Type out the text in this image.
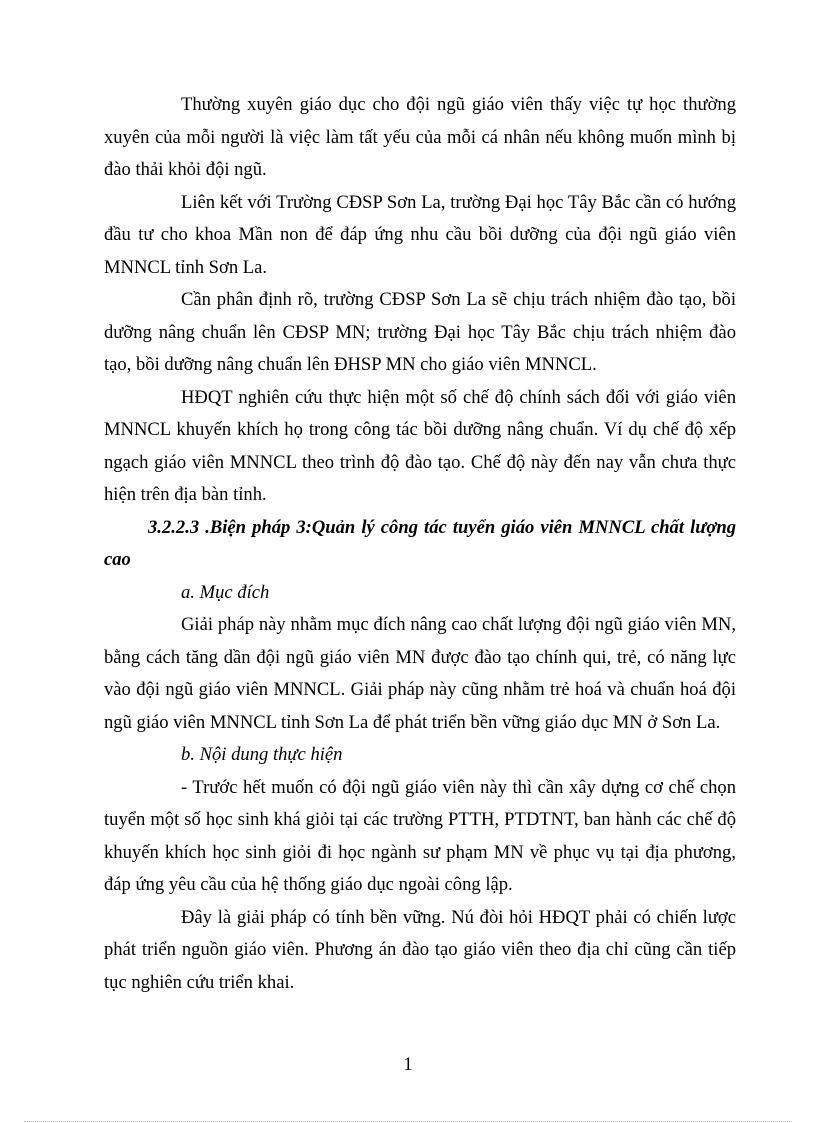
Thường xuyên giáo dục cho đội ngũ giáo viên thấy việc tự học thường xuyên của mỗi người là việc làm tất yếu của mỗi cá nhân nếu không muốn mình bị đào thải khỏi đội ngũ.

Liên kết với Trường CĐSP Sơn La, trường Đại học Tây Bắc cần có hướng đầu tư cho khoa Mần non để đáp ứng nhu cầu bồi dưỡng của đội ngũ giáo viên MNNCL tỉnh Sơn La.

Cần phân định rõ, trường CĐSP Sơn La sẽ chịu trách nhiệm đào tạo, bồi dưỡng nâng chuẩn lên CĐSP MN; trường Đại học Tây Bắc chịu trách nhiệm đào tạo, bồi dưỡng nâng chuẩn lên ĐHSP MN cho giáo viên MNNCL.

HĐQT nghiên cứu thực hiện một số chế độ chính sách đối với giáo viên MNNCL khuyến khích họ trong công tác bồi dưỡng nâng chuẩn. Ví dụ chế độ xếp ngạch giáo viên MNNCL theo trình độ đào tạo. Chế độ này đến nay vẫn chưa thực hiện trên địa bàn tỉnh.

3.2.2.3 .Biện pháp 3:Quản lý công tác tuyển giáo viên MNNCL chất lượng cao

a. Mục đích

Giải pháp này nhằm mục đích nâng cao chất lượng đội ngũ giáo viên MN, bằng cách tăng dần đội ngũ giáo viên MN được đào tạo chính qui, trẻ, có năng lực vào đội ngũ giáo viên MNNCL. Giải pháp này cũng nhằm trẻ hoá và chuẩn hoá đội ngũ giáo viên MNNCL tỉnh Sơn La để phát triển bền vững giáo dục MN ở Sơn La.

b. Nội dung thực hiện

- Trước hết muốn có đội ngũ giáo viên này thì cần xây dựng cơ chế chọn tuyển một số học sinh khá giỏi tại các trường PTTH, PTDTNT, ban hành các chế độ khuyến khích học sinh giỏi đi học ngành sư phạm MN về phục vụ tại địa phương, đáp ứng yêu cầu của hệ thống giáo dục ngoài công lập.

Đây là giải pháp có tính bền vững. Nú đòi hỏi HĐQT phải có chiến lược phát triển nguồn giáo viên. Phương án đào tạo giáo viên theo địa chỉ cũng cần tiếp tục nghiên cứu triển khai.

1
